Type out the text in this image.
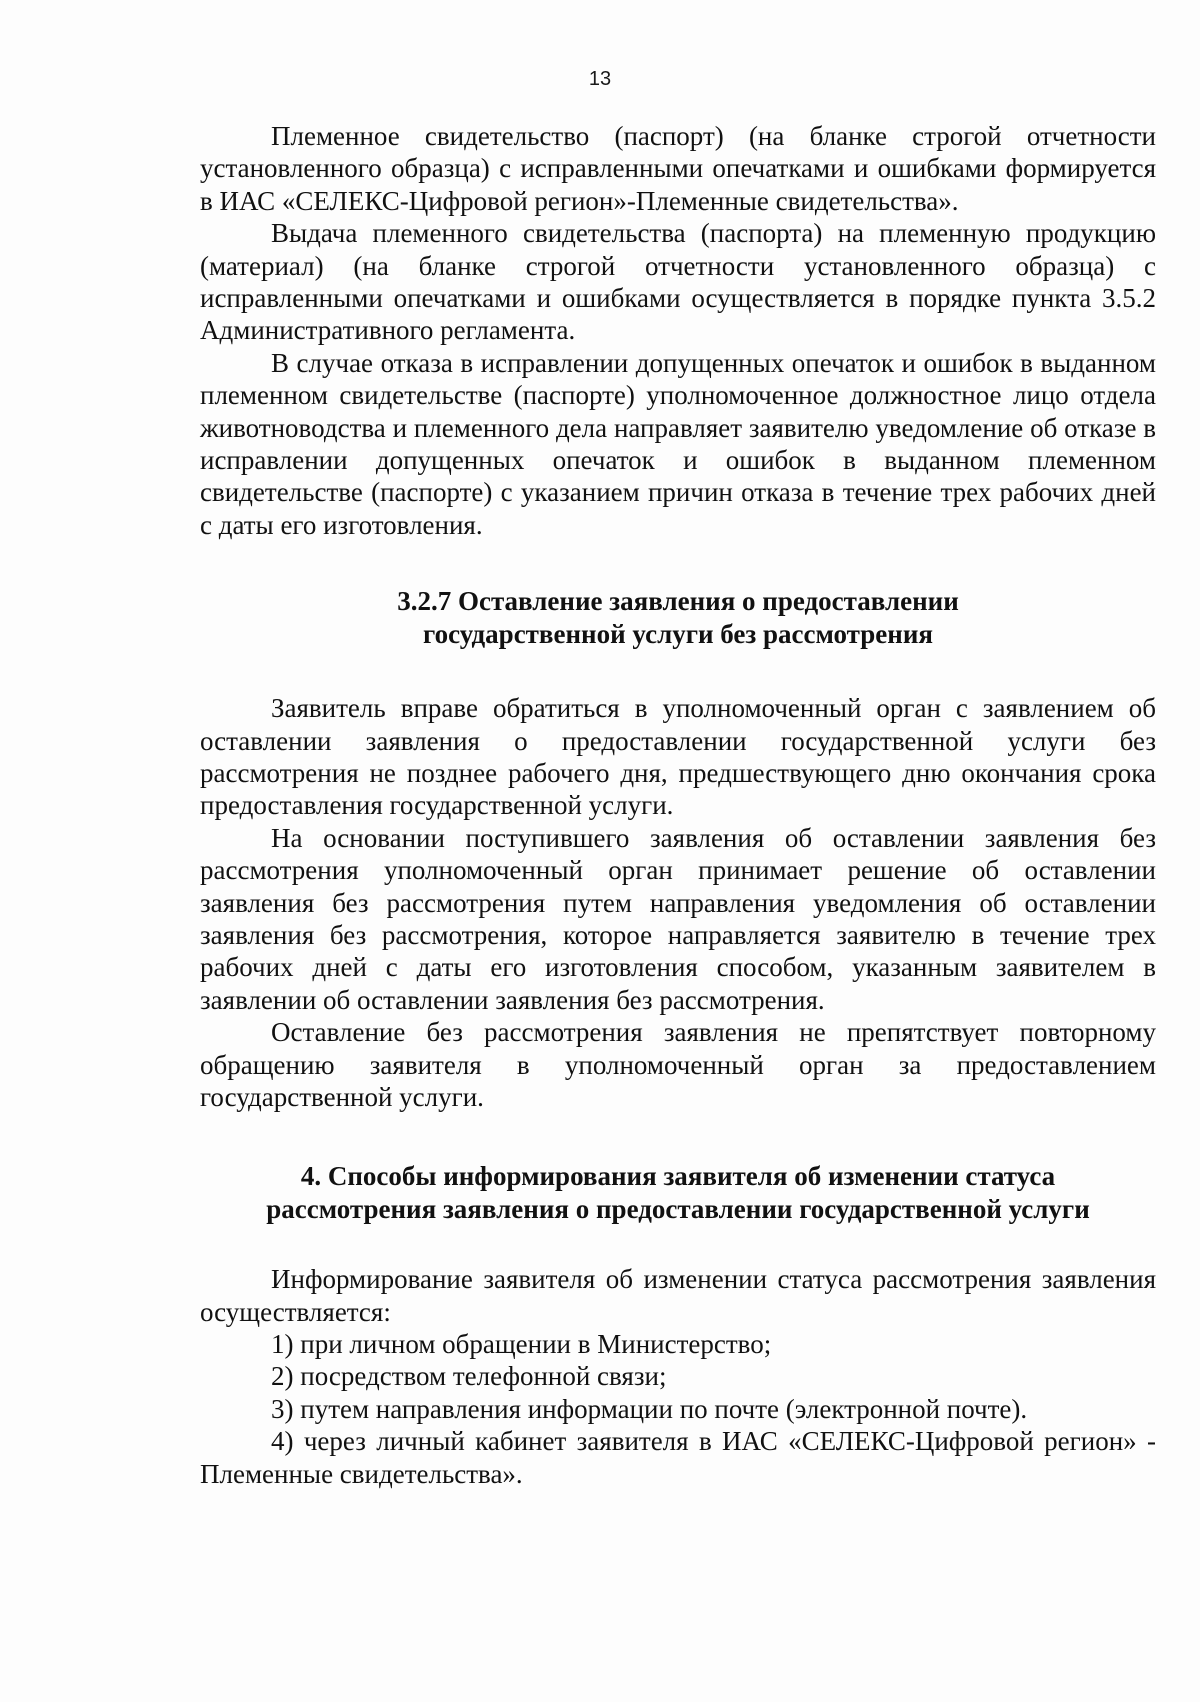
13

Племенное свидетельство (паспорт) (на бланке строгой отчетности установленного образца) с исправленными опечатками и ошибками формируется в ИАС «СЕЛЕКС-Цифровой регион»-Племенные свидетельства».

Выдача племенного свидетельства (паспорта) на племенную продукцию (материал) (на бланке строгой отчетности установленного образца) с исправленными опечатками и ошибками осуществляется в порядке пункта 3.5.2 Административного регламента.

В случае отказа в исправлении допущенных опечаток и ошибок в выданном племенном свидетельстве (паспорте) уполномоченное должностное лицо отдела животноводства и племенного дела направляет заявителю уведомление об отказе в исправлении допущенных опечаток и ошибок в выданном племенном свидетельстве (паспорте) с указанием причин отказа в течение трех рабочих дней с даты его изготовления.

3.2.7 Оставление заявления о предоставлении
государственной услуги без рассмотрения

Заявитель вправе обратиться в уполномоченный орган с заявлением об оставлении заявления о предоставлении государственной услуги без рассмотрения не позднее рабочего дня, предшествующего дню окончания срока предоставления государственной услуги.

На основании поступившего заявления об оставлении заявления без рассмотрения уполномоченный орган принимает решение об оставлении заявления без рассмотрения путем направления уведомления об оставлении заявления без рассмотрения, которое направляется заявителю в течение трех рабочих дней с даты его изготовления способом, указанным заявителем в заявлении об оставлении заявления без рассмотрения.

Оставление без рассмотрения заявления не препятствует повторному обращению заявителя в уполномоченный орган за предоставлением государственной услуги.

4. Способы информирования заявителя об изменении статуса
рассмотрения заявления о предоставлении государственной услуги

Информирование заявителя об изменении статуса рассмотрения заявления осуществляется:

1) при личном обращении в Министерство;

2) посредством телефонной связи;

3) путем направления информации по почте (электронной почте).

4) через личный кабинет заявителя в ИАС «СЕЛЕКС-Цифровой регион» - Племенные свидетельства».
